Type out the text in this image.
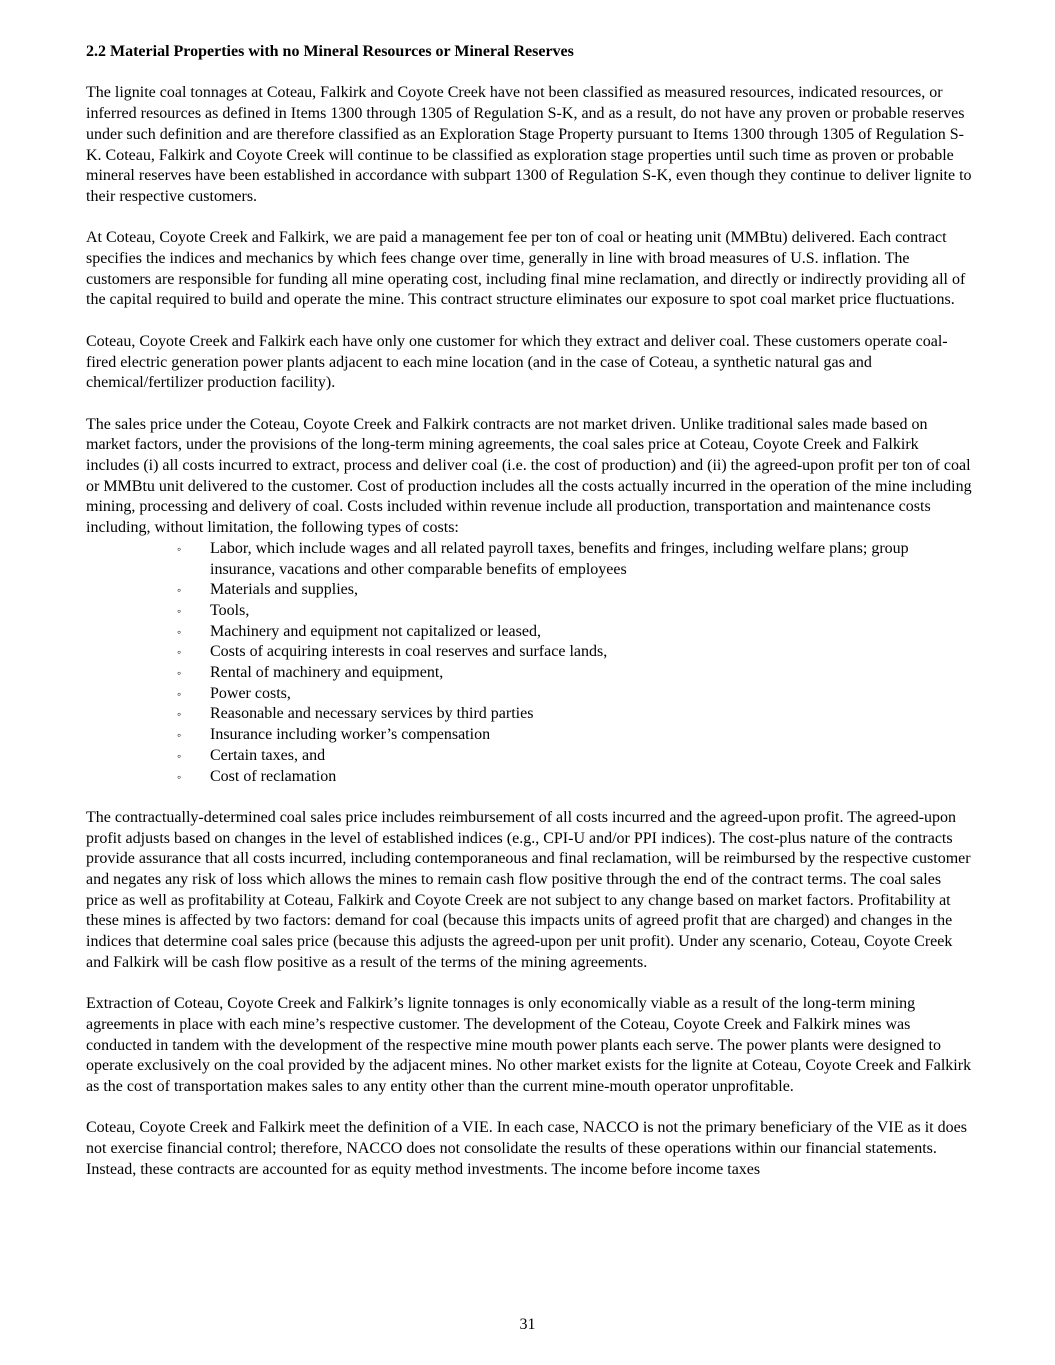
2.2 Material Properties with no Mineral Resources or Mineral Reserves

The lignite coal tonnages at Coteau, Falkirk and Coyote Creek have not been classified as measured resources, indicated resources, or inferred resources as defined in Items 1300 through 1305 of Regulation S-K, and as a result, do not have any proven or probable reserves under such definition and are therefore classified as an Exploration Stage Property pursuant to Items 1300 through 1305 of Regulation S-K. Coteau, Falkirk and Coyote Creek will continue to be classified as exploration stage properties until such time as proven or probable mineral reserves have been established in accordance with subpart 1300 of Regulation S-K, even though they continue to deliver lignite to their respective customers.

At Coteau, Coyote Creek and Falkirk, we are paid a management fee per ton of coal or heating unit (MMBtu) delivered. Each contract specifies the indices and mechanics by which fees change over time, generally in line with broad measures of U.S. inflation. The customers are responsible for funding all mine operating cost, including final mine reclamation, and directly or indirectly providing all of the capital required to build and operate the mine. This contract structure eliminates our exposure to spot coal market price fluctuations.

Coteau, Coyote Creek and Falkirk each have only one customer for which they extract and deliver coal. These customers operate coal-fired electric generation power plants adjacent to each mine location (and in the case of Coteau, a synthetic natural gas and chemical/fertilizer production facility).

The sales price under the Coteau, Coyote Creek and Falkirk contracts are not market driven. Unlike traditional sales made based on market factors, under the provisions of the long-term mining agreements, the coal sales price at Coteau, Coyote Creek and Falkirk includes (i) all costs incurred to extract, process and deliver coal (i.e. the cost of production) and (ii) the agreed-upon profit per ton of coal or MMBtu unit delivered to the customer. Cost of production includes all the costs actually incurred in the operation of the mine including mining, processing and delivery of coal. Costs included within revenue include all production, transportation and maintenance costs including, without limitation, the following types of costs:

◦ Labor, which include wages and all related payroll taxes, benefits and fringes, including welfare plans; group insurance, vacations and other comparable benefits of employees
◦ Materials and supplies,
◦ Tools,
◦ Machinery and equipment not capitalized or leased,
◦ Costs of acquiring interests in coal reserves and surface lands,
◦ Rental of machinery and equipment,
◦ Power costs,
◦ Reasonable and necessary services by third parties
◦ Insurance including worker’s compensation
◦ Certain taxes, and
◦ Cost of reclamation

The contractually-determined coal sales price includes reimbursement of all costs incurred and the agreed-upon profit. The agreed-upon profit adjusts based on changes in the level of established indices (e.g., CPI-U and/or PPI indices). The cost-plus nature of the contracts provide assurance that all costs incurred, including contemporaneous and final reclamation, will be reimbursed by the respective customer and negates any risk of loss which allows the mines to remain cash flow positive through the end of the contract terms. The coal sales price as well as profitability at Coteau, Falkirk and Coyote Creek are not subject to any change based on market factors. Profitability at these mines is affected by two factors: demand for coal (because this impacts units of agreed profit that are charged) and changes in the indices that determine coal sales price (because this adjusts the agreed-upon per unit profit). Under any scenario, Coteau, Coyote Creek and Falkirk will be cash flow positive as a result of the terms of the mining agreements.

Extraction of Coteau, Coyote Creek and Falkirk’s lignite tonnages is only economically viable as a result of the long-term mining agreements in place with each mine’s respective customer. The development of the Coteau, Coyote Creek and Falkirk mines was conducted in tandem with the development of the respective mine mouth power plants each serve. The power plants were designed to operate exclusively on the coal provided by the adjacent mines. No other market exists for the lignite at Coteau, Coyote Creek and Falkirk as the cost of transportation makes sales to any entity other than the current mine-mouth operator unprofitable.

Coteau, Coyote Creek and Falkirk meet the definition of a VIE. In each case, NACCO is not the primary beneficiary of the VIE as it does not exercise financial control; therefore, NACCO does not consolidate the results of these operations within our financial statements. Instead, these contracts are accounted for as equity method investments. The income before income taxes

31
